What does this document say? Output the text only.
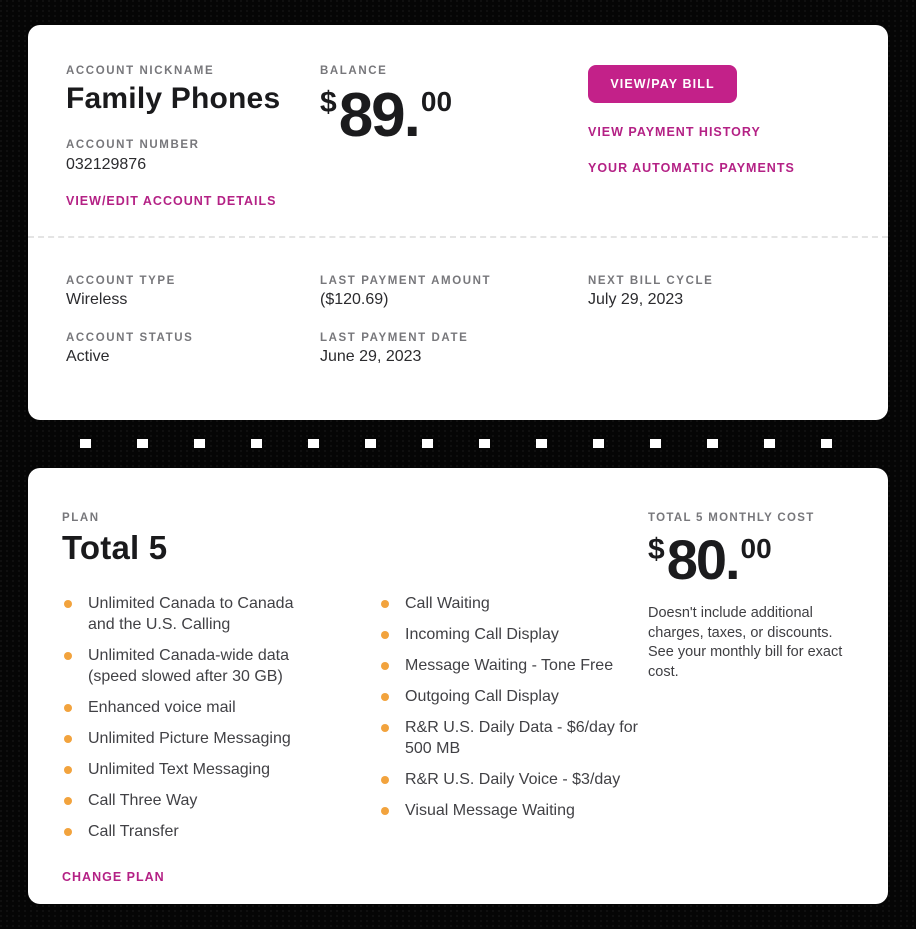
ACCOUNT NICKNAME
Family Phones
ACCOUNT NUMBER
032129876
VIEW/EDIT ACCOUNT DETAILS
BALANCE
$ 89 . 00
VIEW/PAY BILL
VIEW PAYMENT HISTORY
YOUR AUTOMATIC PAYMENTS
ACCOUNT TYPE
Wireless
ACCOUNT STATUS
Active
LAST PAYMENT AMOUNT
($120.69)
LAST PAYMENT DATE
June 29, 2023
NEXT BILL CYCLE
July 29, 2023
PLAN
Total 5
Unlimited Canada to Canada and the U.S. Calling
Unlimited Canada-wide data (speed slowed after 30 GB)
Enhanced voice mail
Unlimited Picture Messaging
Unlimited Text Messaging
Call Three Way
Call Transfer
Call Waiting
Incoming Call Display
Message Waiting - Tone Free
Outgoing Call Display
R&R U.S. Daily Data - $6/day for 500 MB
R&R U.S. Daily Voice - $3/day
Visual Message Waiting
CHANGE PLAN
TOTAL 5 MONTHLY COST
$ 80 . 00

Doesn't include additional charges, taxes, or discounts. See your monthly bill for exact cost.
